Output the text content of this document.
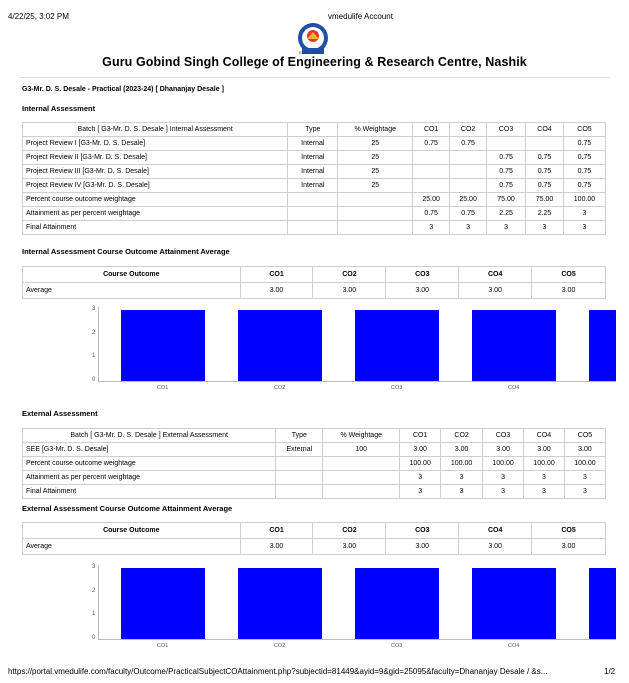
4/22/25, 3:02 PM	vmedulife Account
ESTD. - 2006
Guru Gobind Singh College of Engineering & Research Centre, Nashik
G3-Mr. D. S. Desale - Practical (2023-24) [ Dhananjay Desale ]
Internal Assessment
Batch [ G3-Mr. D. S. Desale ] Internal Assessment	Type	% Weightage	CO1	CO2	CO3	CO4	CO5
Project Review I [G3-Mr. D. S. Desale]	Internal	25	0.75	0.75			0.75
Project Review II [G3-Mr. D. S. Desale]	Internal	25			0.75	0.75	0.75
Project Review III [G3-Mr. D. S. Desale]	Internal	25			0.75	0.75	0.75
Project Review IV [G3-Mr. D. S. Desale]	Internal	25			0.75	0.75	0.75
Percent course outcome weightage			25.00	25.00	75.00	75.00	100.00
Attainment as per percent weightage			0.75	0.75	2.25	2.25	3
Final Attainment			3	3	3	3	3
Internal Assessment Course Outcome Attainment Average
Course Outcome	CO1	CO2	CO3	CO4	CO5
Average	3.00	3.00	3.00	3.00	3.00
External Assessment
Batch [ G3-Mr. D. S. Desale ] External Assessment	Type	% Weightage	CO1	CO2	CO3	CO4	CO5
SEE [G3-Mr. D. S. Desale]	External	100	3.00	3.00	3.00	3.00	3.00
Percent course outcome weightage			100.00	100.00	100.00	100.00	100.00
Attainment as per percent weightage			3	3	3	3	3
Final Attainment			3	3	3	3	3
External Assessment Course Outcome Attainment Average
Course Outcome	CO1	CO2	CO3	CO4	CO5
Average	3.00	3.00	3.00	3.00	3.00
https://portal.vmedulife.com/faculty/Outcome/PracticalSubjectCOAttainment.php?subjectid=81449&ayid=9&gid=25095&faculty=Dhananjay Desale / &s...	1/2
0
1
2
3
CO1	CO2	CO3	CO4
0
1
2
3
CO1	CO2	CO3	CO4
